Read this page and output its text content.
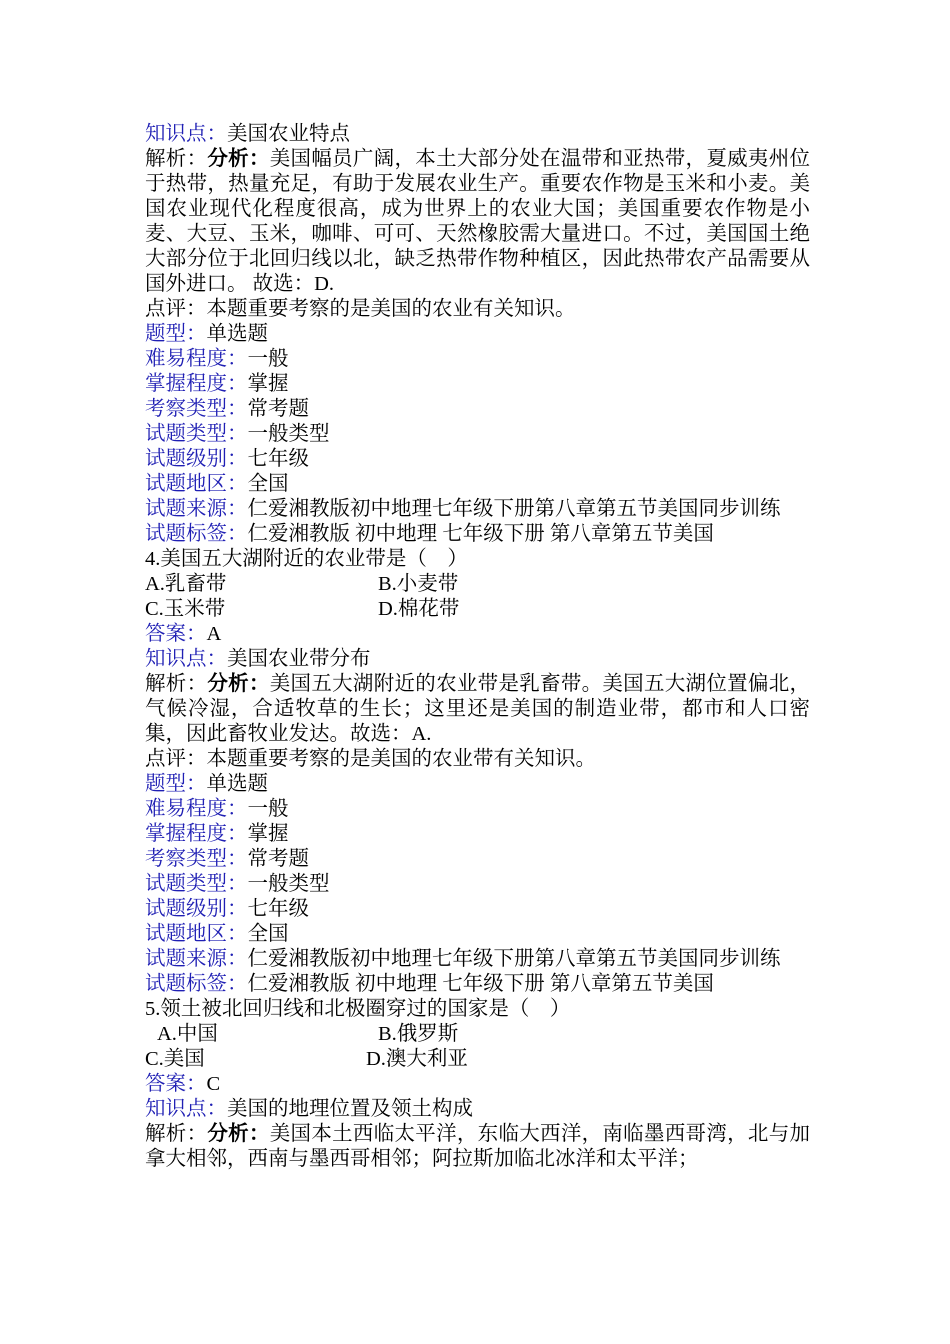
知识点：美国农业特点
解析：分析：美国幅员广阔，本土大部分处在温带和亚热带，夏威夷州位于热带，热量充足，有助于发展农业生产。重要农作物是玉米和小麦。美国农业现代化程度很高，成为世界上的农业大国；美国重要农作物是小麦、大豆、玉米，咖啡、可可、天然橡胶需大量进口。不过，美国国土绝大部分位于北回归线以北，缺乏热带作物种植区，因此热带农产品需要从国外进口。 故选：D.
点评：本题重要考察的是美国的农业有关知识。
题型：单选题
难易程度：一般
掌握程度：掌握
考察类型：常考题
试题类型：一般类型
试题级别：七年级
试题地区：全国
试题来源：仁爱湘教版初中地理七年级下册第八章第五节美国同步训练
试题标签：仁爱湘教版 初中地理 七年级下册 第八章第五节美国
4.美国五大湖附近的农业带是（　）
A.乳畜带	B.小麦带
C.玉米带	D.棉花带
答案：A
知识点：美国农业带分布
解析：分析：美国五大湖附近的农业带是乳畜带。美国五大湖位置偏北，气候冷湿，合适牧草的生长；这里还是美国的制造业带，都市和人口密集，因此畜牧业发达。故选：A.
点评：本题重要考察的是美国的农业带有关知识。
题型：单选题
难易程度：一般
掌握程度：掌握
考察类型：常考题
试题类型：一般类型
试题级别：七年级
试题地区：全国
试题来源：仁爱湘教版初中地理七年级下册第八章第五节美国同步训练
试题标签：仁爱湘教版 初中地理 七年级下册 第八章第五节美国
5.领土被北回归线和北极圈穿过的国家是（　）
A.中国	B.俄罗斯
C.美国	D.澳大利亚
答案：C
知识点：美国的地理位置及领土构成
解析：分析：美国本土西临太平洋，东临大西洋，南临墨西哥湾，北与加拿大相邻，西南与墨西哥相邻；阿拉斯加临北冰洋和太平洋；
